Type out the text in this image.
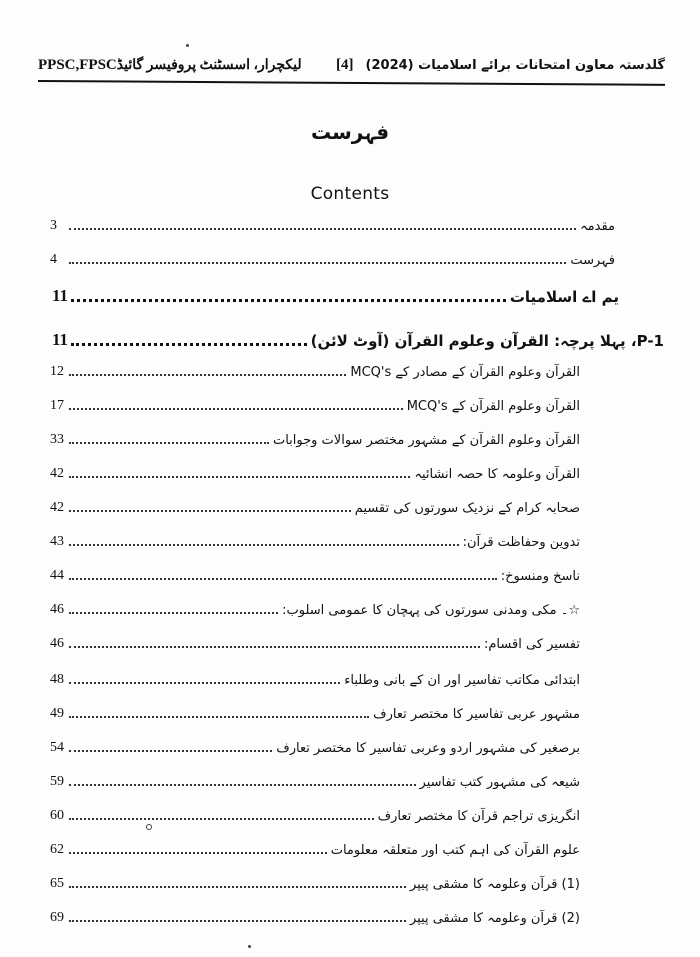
لیکچرار، اسسٹنٹ پروفیسر گائیڈPPSC,FPSC	[4] گلدستہ معاون امتحانات برائے اسلامیات (2024)
فہرست
Contents
مقدمہ
3
فہرست
4
یم اے اسلامیات
11
P-1، پہلا پرچہ: القرآن وعلوم القرآن (آوٹ لائن)
11
القرآن وعلوم القرآن کے مصادر کے MCQ's
12
القرآن وعلوم القرآن کے MCQ's
17
القرآن وعلوم القرآن کے مشہور مختصر سوالات وجوابات
33
القرآن وعلومہ کا حصہ انشائیہ
42
صحابہ کرام کے نزدیک سورتوں کی تقسیم
42
تدوین وحفاظت قرآن:
43
ناسخ ومنسوخ:
44
☆۔ مکی ومدنی سورتوں کی پہچان کا عمومی اسلوب:
46
تفسیر کی اقسام:
46
ابتدائی مکاتب تفاسیر اور ان کے بانی وطلباء
48
مشہور عربی تفاسیر کا مختصر تعارف
49
برصغیر کی مشہور اردو وعربی تفاسیر کا مختصر تعارف
54
شیعہ کی مشہور کتب تفاسیر
59
انگریزی تراجم قرآن کا مختصر تعارف
60
علوم القرآن کی اہم کتب اور متعلقہ معلومات
62
(1) قرآن وعلومہ کا مشقی پیپر
65
(2) قرآن وعلومہ کا مشقی پیپر
69
